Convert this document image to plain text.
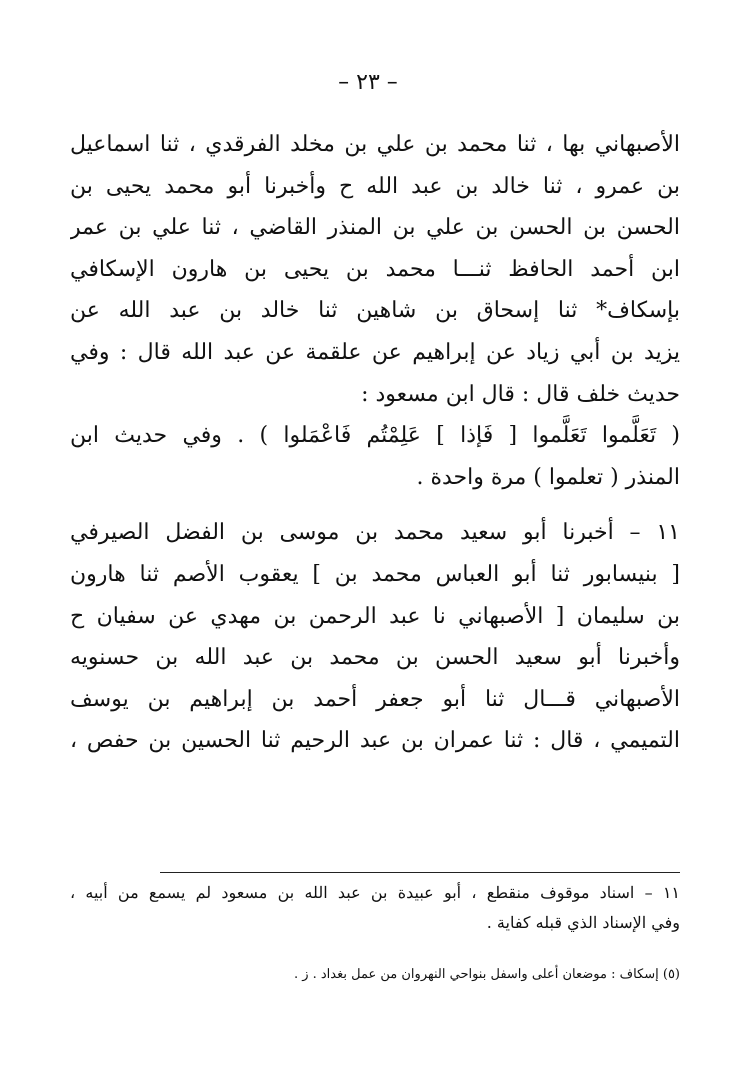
– ٢٣ –
الأصبهاني بها ، ثنا محمد بن علي بن مخلد الفرقدي ، ثنا اسماعيل
بن عمرو ، ثنا خالد بن عبد الله ح وأخبرنا أبو محمد يحيى بن
الحسن بن الحسن بن علي بن المنذر القاضي ، ثنا علي بن عمر
ابن أحمد الحافظ ثنـــا محمد بن يحيى بن هارون الإسكافي
بإسكاف* ثنا إسحاق بن شاهين ثنا خالد بن عبد الله عن
يزيد بن أبي زياد عن إبراهيم عن علقمة عن عبد الله قال : وفي
حديث خلف قال : قال ابن مسعود :
( تَعَلَّموا تَعَلَّموا [ فَإذا ] عَلِمْتُم فَاعْمَلوا ) . وفي حديث ابن
المنذر ( تعلموا ) مرة واحدة .
١١ – أخبرنا أبو سعيد محمد بن موسى بن الفضل الصيرفي
[ بنيسابور ثنا أبو العباس محمد بن ] يعقوب الأصم ثنا هارون
بن سليمان [ الأصبهاني نا عبد الرحمن بن مهدي عن سفيان ح
وأخبرنا أبو سعيد الحسن بن محمد بن عبد الله بن حسنويه
الأصبهاني قـــال ثنا أبو جعفر أحمد بن إبراهيم بن يوسف
التميمي ، قال : ثنا عمران بن عبد الرحيم ثنا الحسين بن حفص ،
١١ – اسناد موقوف منقطع ، أبو عبيدة بن عبد الله بن مسعود لم يسمع من أبيه ،
وفي الإسناد الذي قبله كفاية .
(٥) إسكاف : موضعان أعلى واسفل بنواحي النهروان من عمل بغداد . ز .
